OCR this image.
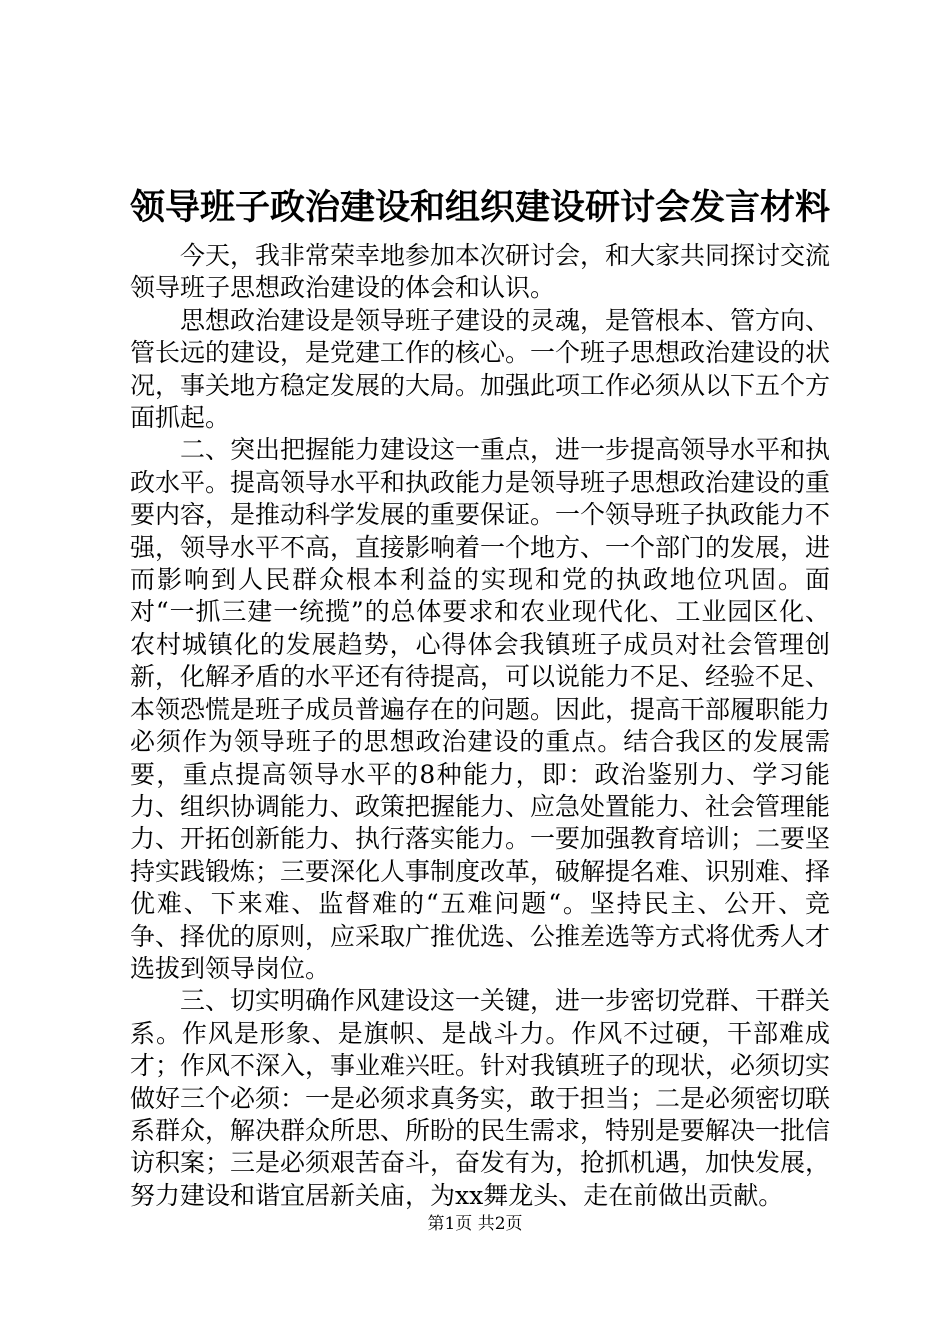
领导班子政治建设和组织建设研讨会发言材料

今天，我非常荣幸地参加本次研讨会，和大家共同探讨交流领导班子思想政治建设的体会和认识。

思想政治建设是领导班子建设的灵魂，是管根本、管方向、管长远的建设，是党建工作的核心。一个班子思想政治建设的状况，事关地方稳定发展的大局。加强此项工作必须从以下五个方面抓起。

二、突出把握能力建设这一重点，进一步提高领导水平和执政水平。提高领导水平和执政能力是领导班子思想政治建设的重要内容，是推动科学发展的重要保证。一个领导班子执政能力不强，领导水平不高，直接影响着一个地方、一个部门的发展，进而影响到人民群众根本利益的实现和党的执政地位巩固。面对“一抓三建一统揽”的总体要求和农业现代化、工业园区化、农村城镇化的发展趋势，心得体会我镇班子成员对社会管理创新，化解矛盾的水平还有待提高，可以说能力不足、经验不足、本领恐慌是班子成员普遍存在的问题。因此，提高干部履职能力必须作为领导班子的思想政治建设的重点。结合我区的发展需要，重点提高领导水平的8种能力，即：政治鉴别力、学习能力、组织协调能力、政策把握能力、应急处置能力、社会管理能力、开拓创新能力、执行落实能力。一要加强教育培训；二要坚持实践锻炼；三要深化人事制度改革，破解提名难、识别难、择优难、下来难、监督难的“五难问题“。坚持民主、公开、竞争、择优的原则，应采取广推优选、公推差选等方式将优秀人才选拔到领导岗位。

三、切实明确作风建设这一关键，进一步密切党群、干群关系。作风是形象、是旗帜、是战斗力。作风不过硬，干部难成才；作风不深入，事业难兴旺。针对我镇班子的现状，必须切实做好三个必须：一是必须求真务实，敢于担当；二是必须密切联系群众，解决群众所思、所盼的民生需求，特别是要解决一批信访积案；三是必须艰苦奋斗，奋发有为，抢抓机遇，加快发展，努力建设和谐宜居新关庙，为xx舞龙头、走在前做出贡献。

第1页 共2页
